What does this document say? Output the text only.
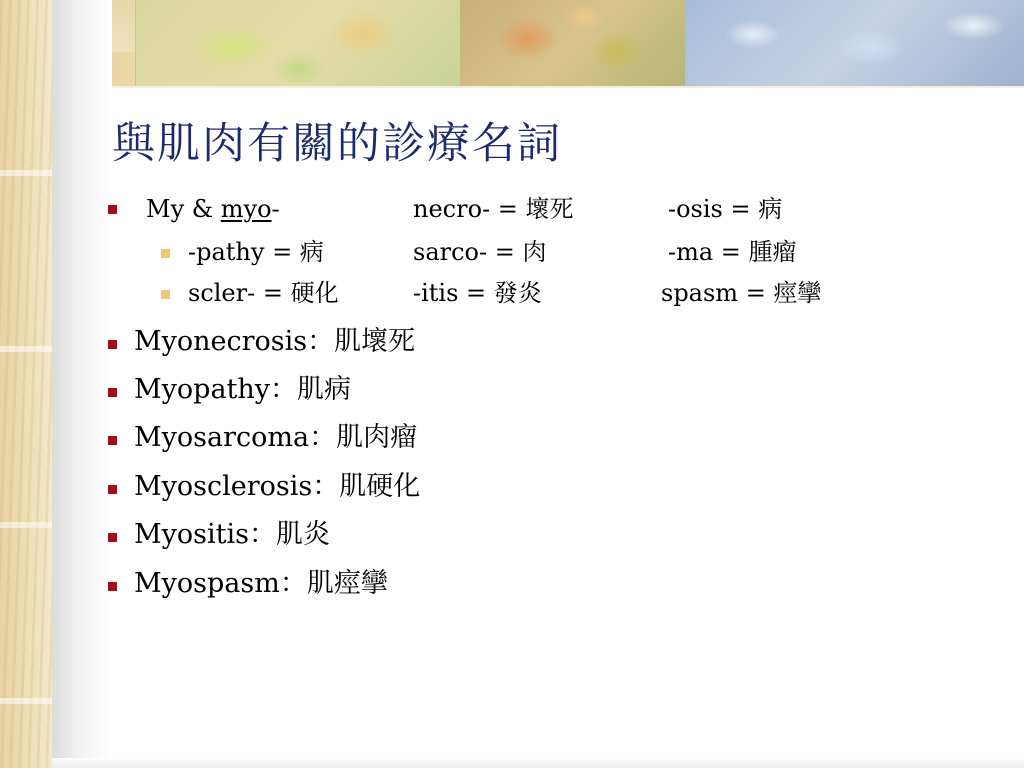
與肌肉有關的診療名詞
My & myo-	necro- = 壞死	-osis = 病
-pathy = 病	sarco- = 肉	-ma = 腫瘤
scler- = 硬化	-itis = 發炎	spasm = 痙攣
Myonecrosis：肌壞死
Myopathy：肌病
Myosarcoma：肌肉瘤
Myosclerosis：肌硬化
Myositis：肌炎
Myospasm：肌痙攣
